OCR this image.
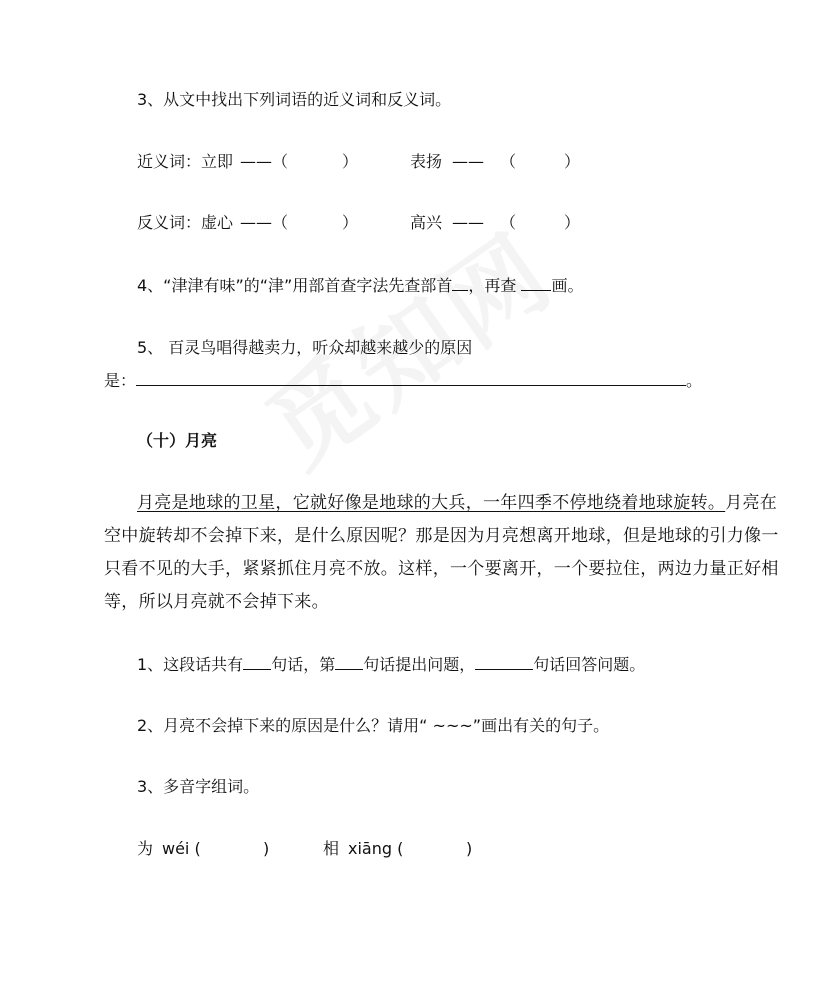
3、从文中找出下列词语的近义词和反义词。
近义词：立即 ——（	）	表扬 —— （	）
反义词：虚心 ——（	）	高兴 —— （	）
4、“津津有味”的“津”用部首查字法先查部首 ，再查 画。
5、 百灵鸟唱得越卖力，听众却越来越少的原因
是：	。
（十）月亮
月亮是地球的卫星，它就好像是地球的大兵，一年四季不停地绕着地球旋转。月亮在
空中旋转却不会掉下来，是什么原因呢？那是因为月亮想离开地球，但是地球的引力像一
只看不见的大手，紧紧抓住月亮不放。这样，一个要离开，一个要拉住，两边力量正好相
等，所以月亮就不会掉下来。
1、这段话共有 句话，第 句话提出问题，	句话回答问题。
2、月亮不会掉下来的原因是什么？请用“ ~~~”画出有关的句子。
3、多音字组词。
为 wéi (	)	相 xiāng (	)
